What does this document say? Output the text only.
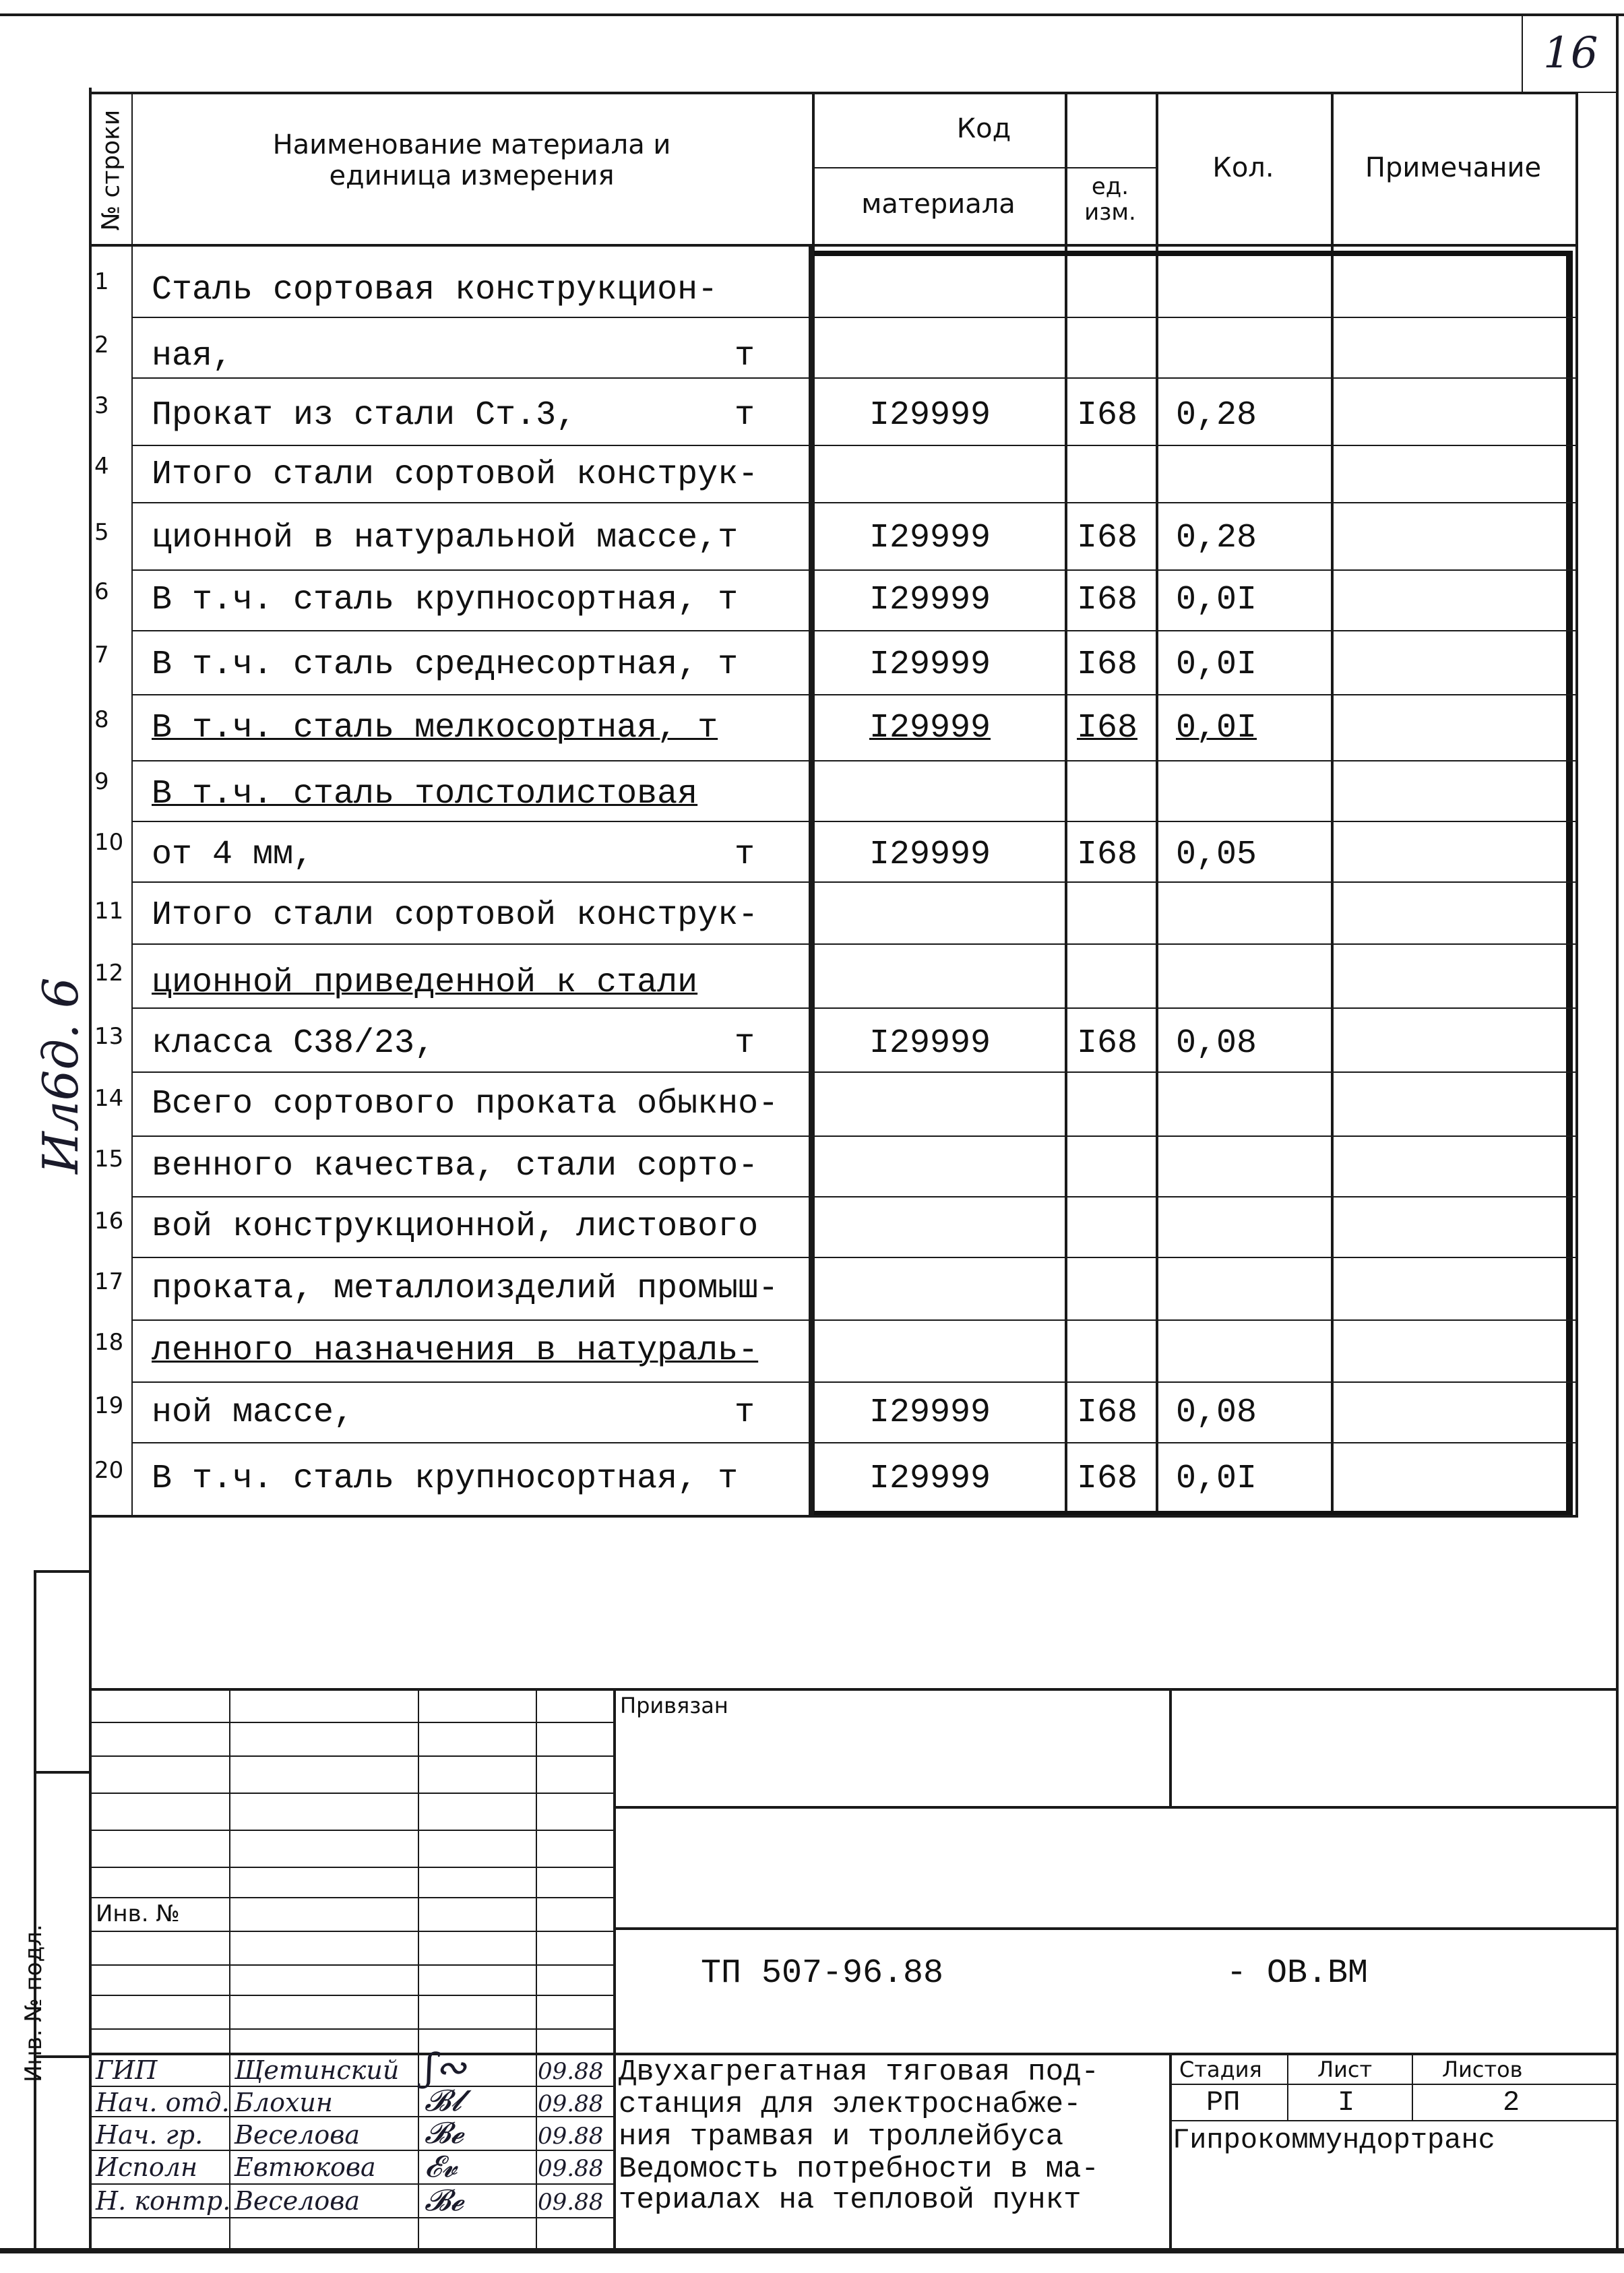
16
Ил6д. 6
Инв. № подл.
№ строки	Наименование материала и единица измерения
Код
материала
ед. изм.
Кол.	Примечание
1	Сталь сортовая конструкцион-
2	ная,	т
3	Прокат из стали Ст.3,	т	I29999	I68 0,28
4	Итого стали сортовой конструк-
5	ционной в натуральной массе,т	I29999	I68 0,28
6	В т.ч. сталь крупносортная, т	I29999	I68 0,0I
7	В т.ч. сталь среднесортная, т	I29999	I68 0,0I
8	В т.ч. сталь мелкосортная, т	I29999	I68 0,0I
9	В т.ч. сталь толстолистовая
10 от 4 мм,	т	I29999	I68 0,05
11 Итого стали сортовой конструк-
12 ционной приведенной к стали
13 класса С38/23,	т	I29999	I68 0,08
14 Всего сортового проката обыкно-
15 венного качества, стали сорто-
16 вой конструкционной, листового
17 проката, металлоизделий промыш-
18 ленного назначения в натураль-
19 ной массе,	т	I29999	I68 0,08
20 В т.ч. сталь крупносортная, т	I29999	I68 0,0I
Инв. №
Привязан
ТП 507-96.88	- ОВ.ВМ
ГИП	Щетинский ʃ∾	09.88
Нач. отд. Блохин	𝓑𝓵	09.88
Нач. гр. Веселова 𝓑𝓮	09.88
Исполн Евтюкова 𝓔𝓿	09.88
Н. контр. Веселова 𝓑𝓮	09.88
Двухагрегатная тяговая под-
станция для электроснабже-
ния трамвая и троллейбуса
Ведомость потребности в ма-
териалах на тепловой пункт
Стадия	Лист	Листов
РП	I	2
Гипрокоммундортранс
